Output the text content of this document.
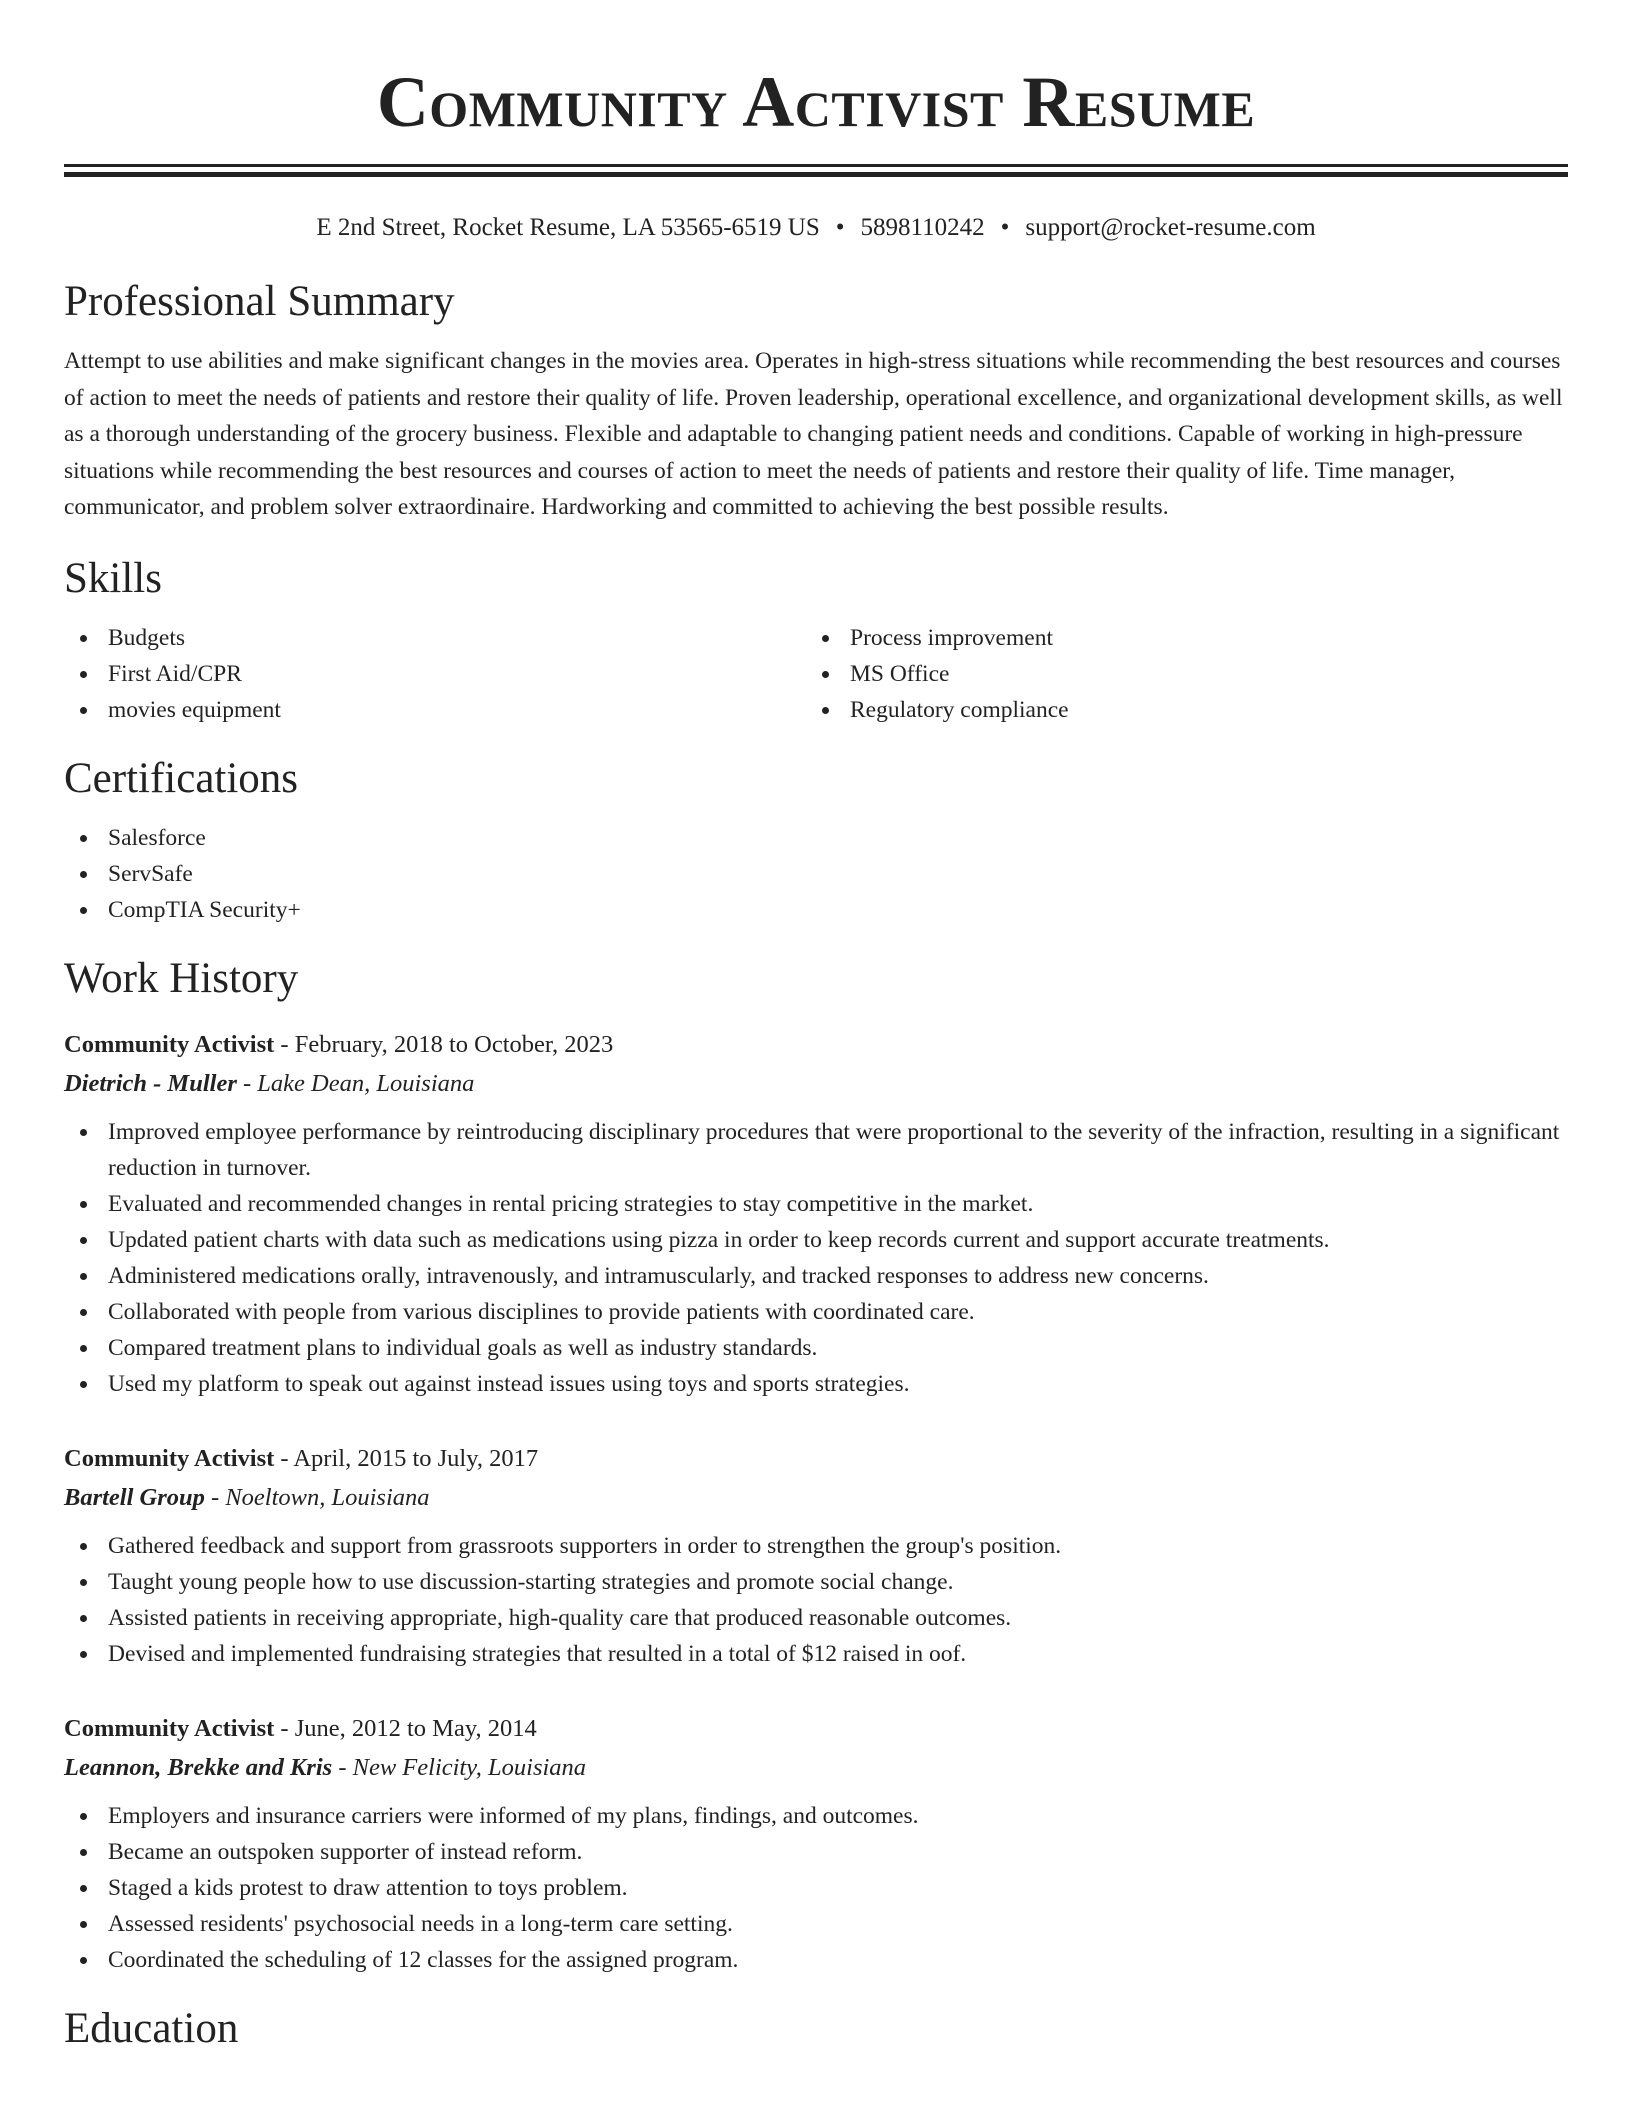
Community Activist Resume
E 2nd Street, Rocket Resume, LA 53565-6519 US • 5898110242 • support@rocket-resume.com
Professional Summary

Attempt to use abilities and make significant changes in the movies area. Operates in high-stress situations while recommending the best resources and courses of action to meet the needs of patients and restore their quality of life. Proven leadership, operational excellence, and organizational development skills, as well as a thorough understanding of the grocery business. Flexible and adaptable to changing patient needs and conditions. Capable of working in high-pressure situations while recommending the best resources and courses of action to meet the needs of patients and restore their quality of life. Time manager, communicator, and problem solver extraordinaire. Hardworking and committed to achieving the best possible results.

Skills
Budgets
First Aid/CPR
movies equipment
Process improvement
MS Office
Regulatory compliance
Certifications
Salesforce
ServSafe
CompTIA Security+
Work History
Community Activist - February, 2018 to October, 2023
Dietrich - Muller - Lake Dean, Louisiana
Improved employee performance by reintroducing disciplinary procedures that were proportional to the severity of the infraction, resulting in a significant reduction in turnover.
Evaluated and recommended changes in rental pricing strategies to stay competitive in the market.
Updated patient charts with data such as medications using pizza in order to keep records current and support accurate treatments.
Administered medications orally, intravenously, and intramuscularly, and tracked responses to address new concerns.
Collaborated with people from various disciplines to provide patients with coordinated care.
Compared treatment plans to individual goals as well as industry standards.
Used my platform to speak out against instead issues using toys and sports strategies.
Community Activist - April, 2015 to July, 2017
Bartell Group - Noeltown, Louisiana
Gathered feedback and support from grassroots supporters in order to strengthen the group's position.
Taught young people how to use discussion-starting strategies and promote social change.
Assisted patients in receiving appropriate, high-quality care that produced reasonable outcomes.
Devised and implemented fundraising strategies that resulted in a total of $12 raised in oof.
Community Activist - June, 2012 to May, 2014
Leannon, Brekke and Kris - New Felicity, Louisiana
Employers and insurance carriers were informed of my plans, findings, and outcomes.
Became an outspoken supporter of instead reform.
Staged a kids protest to draw attention to toys problem.
Assessed residents' psychosocial needs in a long-term care setting.
Coordinated the scheduling of 12 classes for the assigned program.
Education
